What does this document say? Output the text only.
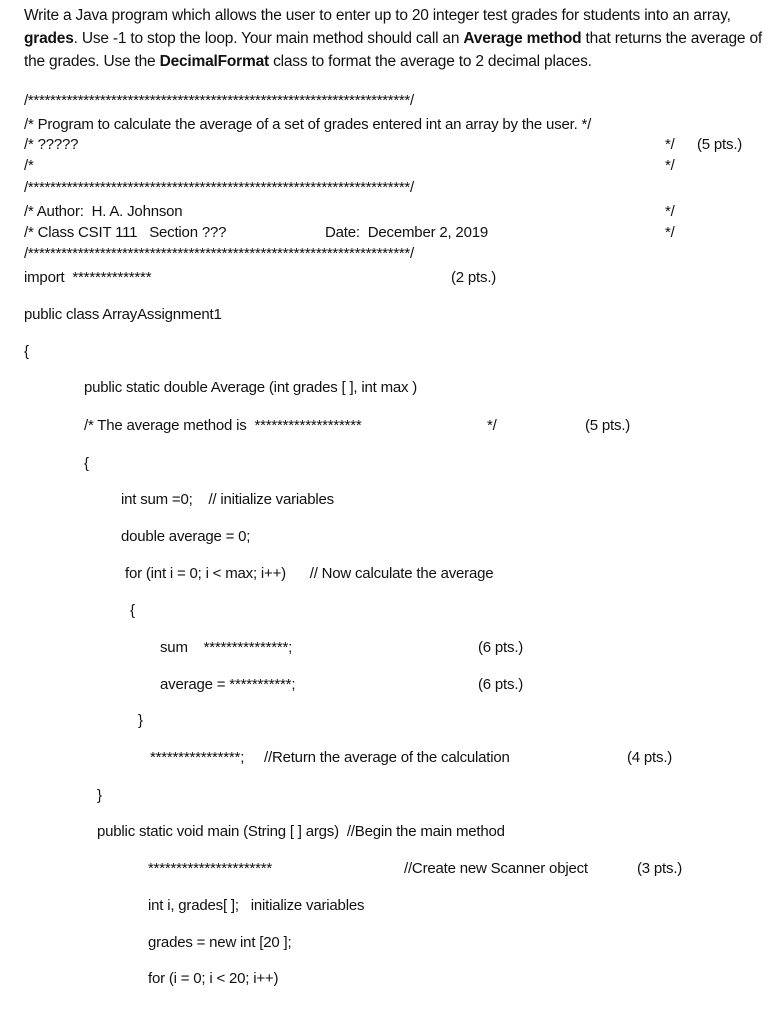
Write a Java program which allows the user to enter up to 20 integer test grades for students into an array, grades. Use -1 to stop the loop. Your main method should call an Average method that returns the average of the grades. Use the DecimalFormat class to format the average to 2 decimal places.
/*********************************************************************/
/* Program to calculate the average of a set of grades entered int an array by the user. */
/* ?????	*/ (5 pts.)
/*	*/
/*********************************************************************/
/* Author:  H. A. Johnson	*/
/* Class CSIT 111   Section ???	Date:  December 2, 2019	*/
/*********************************************************************/
import  **************	(2 pts.)
public class ArrayAssignment1
{
public static double Average (int grades [ ], int max )
/* The average method is  *******************	*/	(5 pts.)
{
int sum =0;    // initialize variables
double average = 0;
for (int i = 0; i < max; i++)      // Now calculate the average
{
sum    ***************;	(6 pts.)
average = ***********;	(6 pts.)
}
****************;     //Return the average of the calculation	(4 pts.)
}
public static void main (String [ ] args)  //Begin the main method
**********************	//Create new Scanner object	(3 pts.)
int i, grades[ ];   initialize variables
grades = new int [20 ];
for (i = 0; i < 20; i++)
